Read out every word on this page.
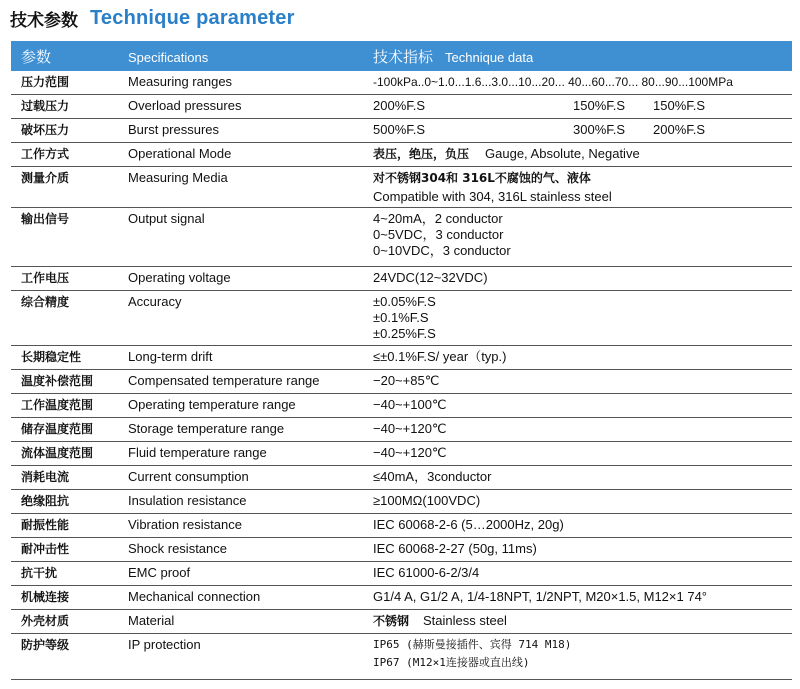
技术参数 Technique parameter
参数	Specifications	技术指标 Technique data
压力范围	Measuring ranges	-100kPa..0~1.0...1.6...3.0...10...20... 40...60...70... 80...90...100MPa
过载压力	Overload pressures	200%F.S 150%F.S 150%F.S
破坏压力	Burst pressures	500%F.S 300%F.S 200%F.S
工作方式	Operational Mode	表压，绝压，负压 Gauge, Absolute, Negative
测量介质	Measuring Media	对不锈钢304和 316L不腐蚀的气、液体
Compatible with 304, 316L stainless steel

输出信号	Output signal	4~20mA，2 conductor
0~5VDC，3 conductor
0~10VDC，3 conductor

工作电压	Operating voltage	24VDC(12~32VDC)
综合精度	Accuracy	±0.05%F.S
±0.1%F.S
±0.25%F.S

长期稳定性	Long-term drift	≤±0.1%F.S/ year（typ.)
温度补偿范围	Compensated temperature range	−20~+85℃
工作温度范围	Operating temperature range	−40~+100℃
储存温度范围	Storage temperature range	−40~+120℃
流体温度范围	Fluid temperature range	−40~+120℃
消耗电流	Current consumption	≤40mA，3conductor
绝缘阻抗	Insulation resistance	≥100MΩ(100VDC)
耐振性能	Vibration resistance	IEC 60068-2-6 (5…2000Hz, 20g)
耐冲击性	Shock resistance	IEC 60068-2-27 (50g, 11ms)
抗干扰	EMC proof	IEC 61000-6-2/3/4
机械连接	Mechanical connection	G1/4 A, G1/2 A, 1/4-18NPT, 1/2NPT, M20×1.5, M12×1 74°
外壳材质	Material	不锈钢 Stainless steel
防护等级	IP protection	IP65 (赫斯曼接插件、宾得 714 M18)
IP67 (M12×1连接器或直出线)
